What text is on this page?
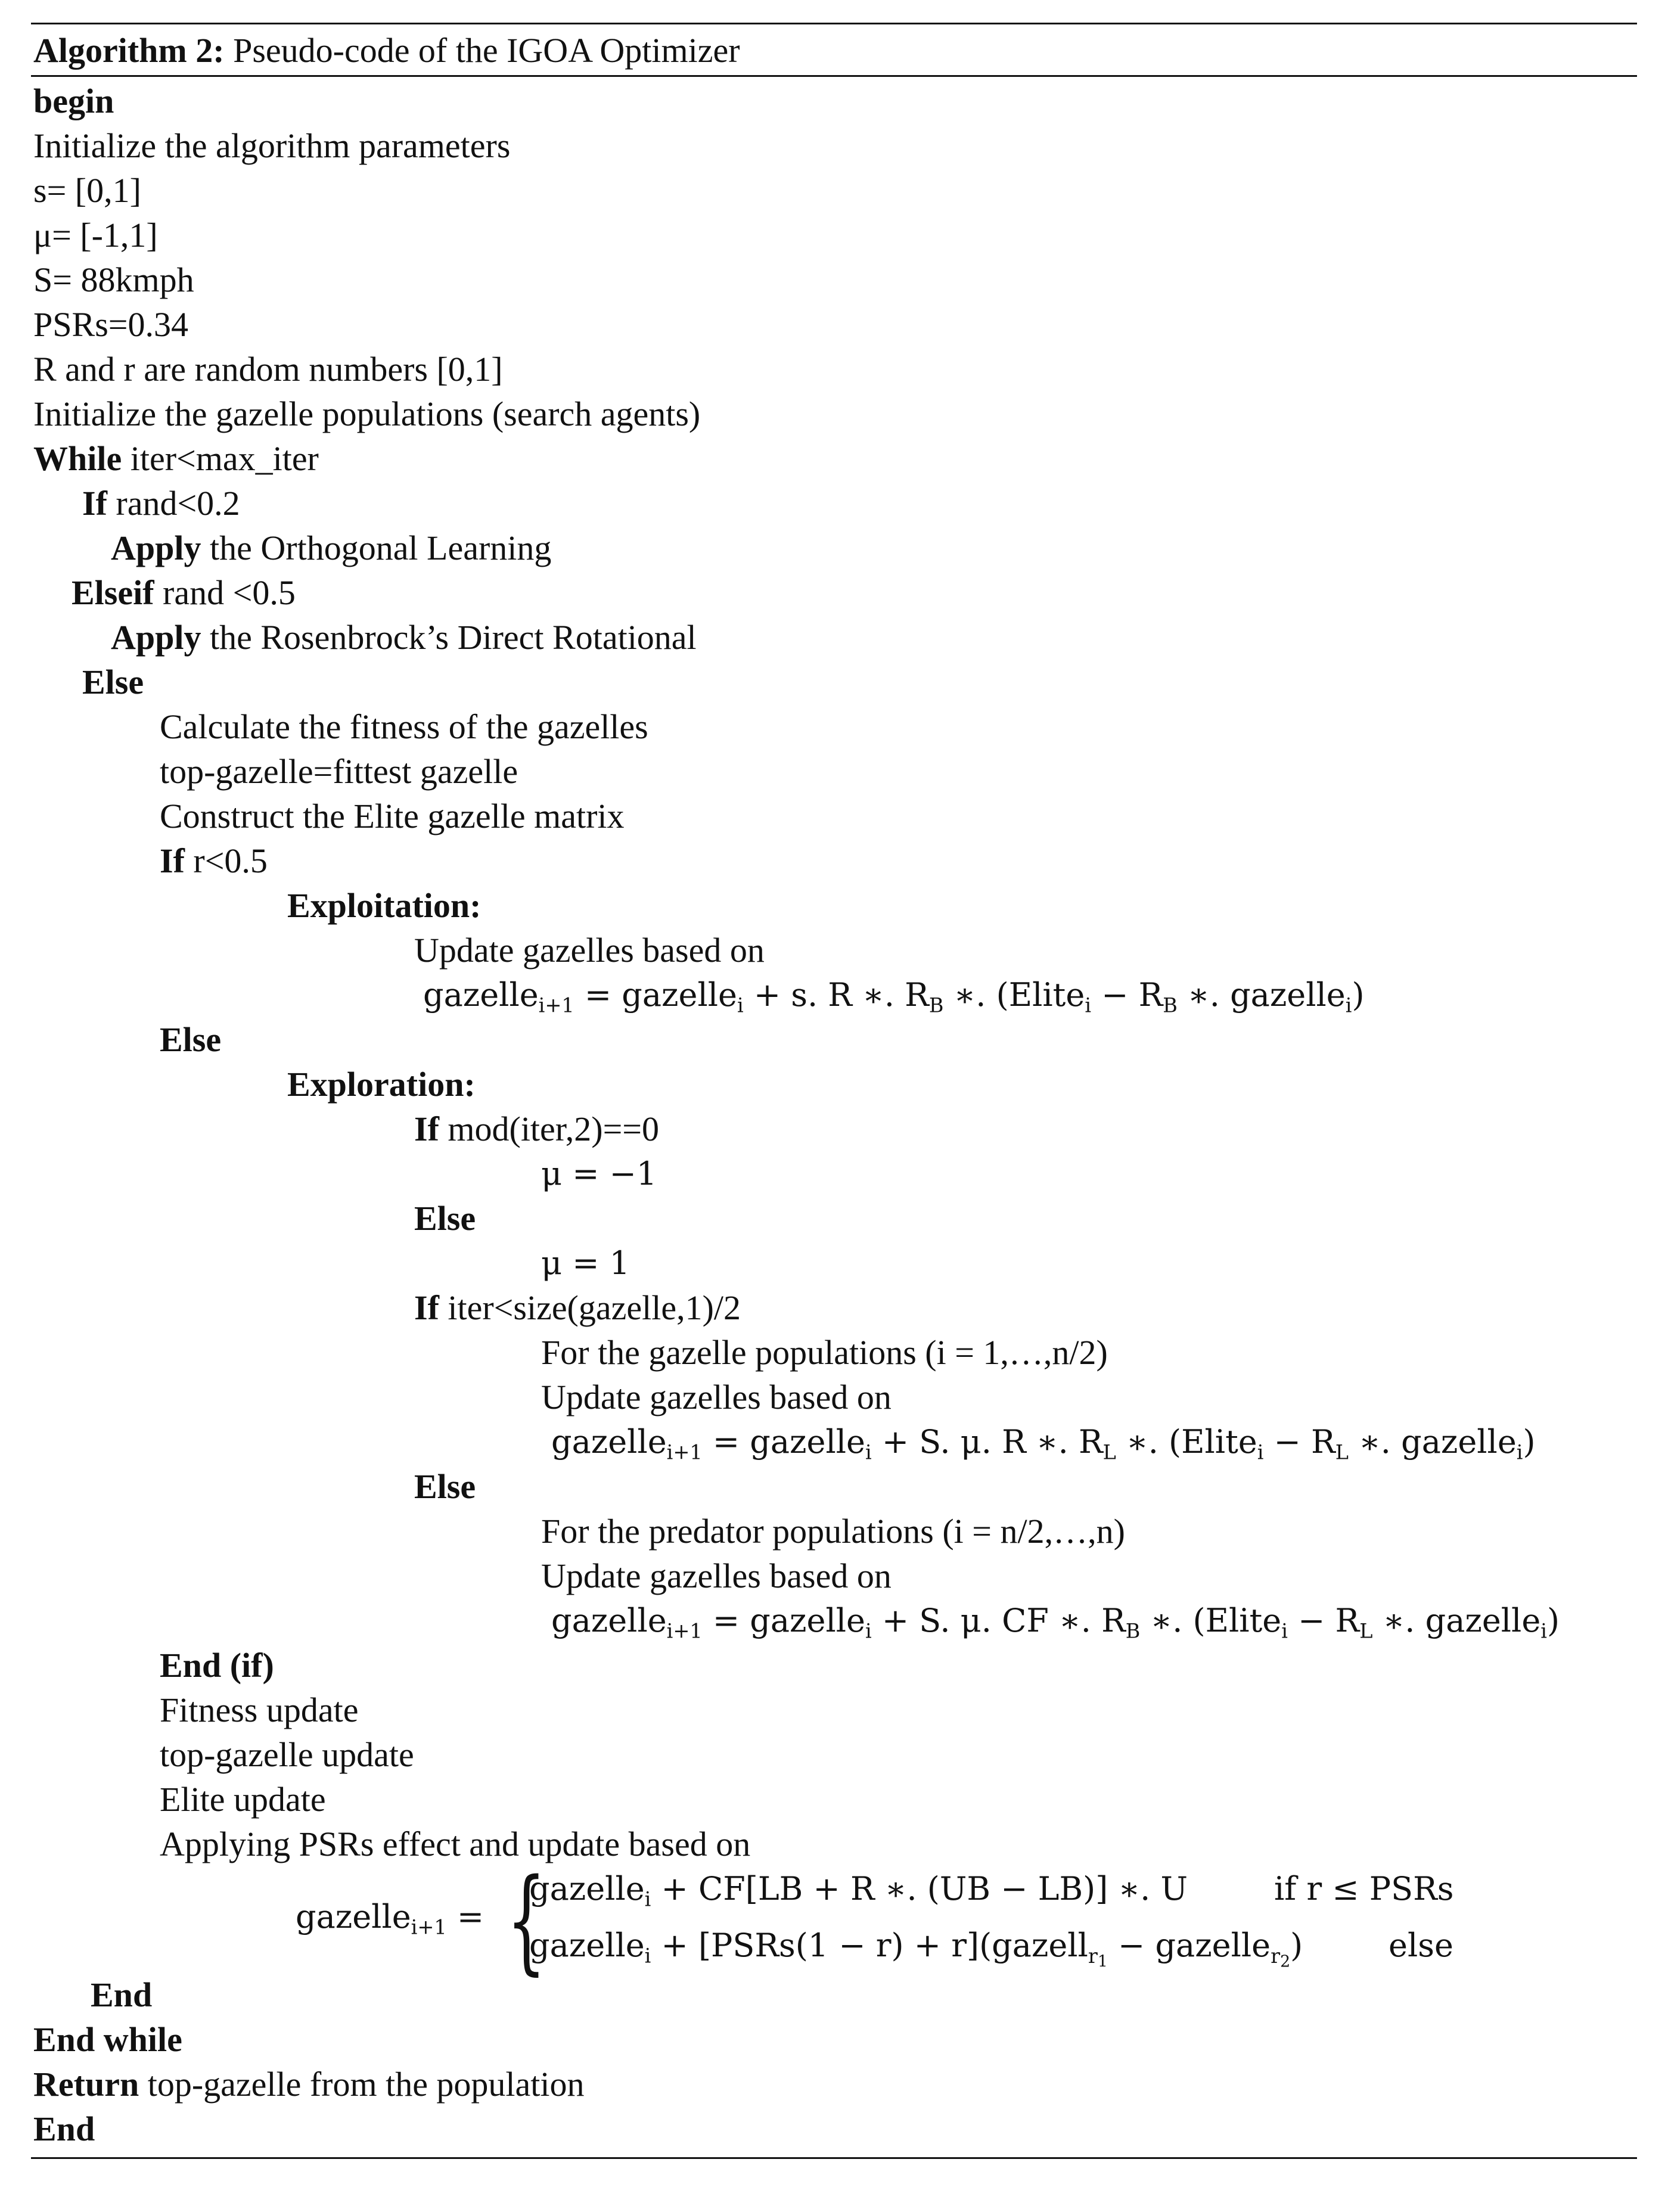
Algorithm 2: Pseudo-code of the IGOA Optimizer
begin
Initialize the algorithm parameters
s= [0,1]
μ= [-1,1]
S= 88kmph
PSRs=0.34
R and r are random numbers [0,1]
Initialize the gazelle populations (search agents)
While iter<max_iter
If rand<0.2
Apply the Orthogonal Learning
Elseif rand <0.5
Apply the Rosenbrock’s Direct Rotational
Else
Calculate the fitness of the gazelles
top-gazelle=fittest gazelle
Construct the Elite gazelle matrix
If r<0.5
Exploitation:
Update gazelles based on
gazelle$_{i+1}$ = gazelle$_i$ + s. R ∗. $R_B$ ∗. (Elite$_i$ − $R_B$ ∗. gazelle$_i$)
Else
Exploration:
If mod(iter,2)==0
μ = −1
Else
μ = 1
If iter<size(gazelle,1)/2
For the gazelle populations (i = 1,…,n/2)
Update gazelles based on
gazelle$_{i+1}$ = gazelle$_i$ + S. μ. R ∗. $R_L$ ∗. (Elite$_i$ − $R_L$ ∗. gazelle$_i$)
Else
For the predator populations (i = n/2,…,n)
Update gazelles based on
gazelle$_{i+1}$ = gazelle$_i$ + S. μ. CF ∗. $R_B$ ∗. (Elite$_i$ − $R_L$ ∗. gazelle$_i$)
End (if)
Fitness update
top-gazelle update
Elite update
Applying PSRs effect and update based on
gazelle$_{i+1}$ = {
gazelle$_i$ + CF[LB + R ∗. (UB − LB)] ∗. U	if r ≤ PSRs
gazelle$_i$ + [PSRs(1 − r) + r](gazell$_{r_1}$ − gazelle$_{r_2}$)	else
End
End while
Return top-gazelle from the population
End
